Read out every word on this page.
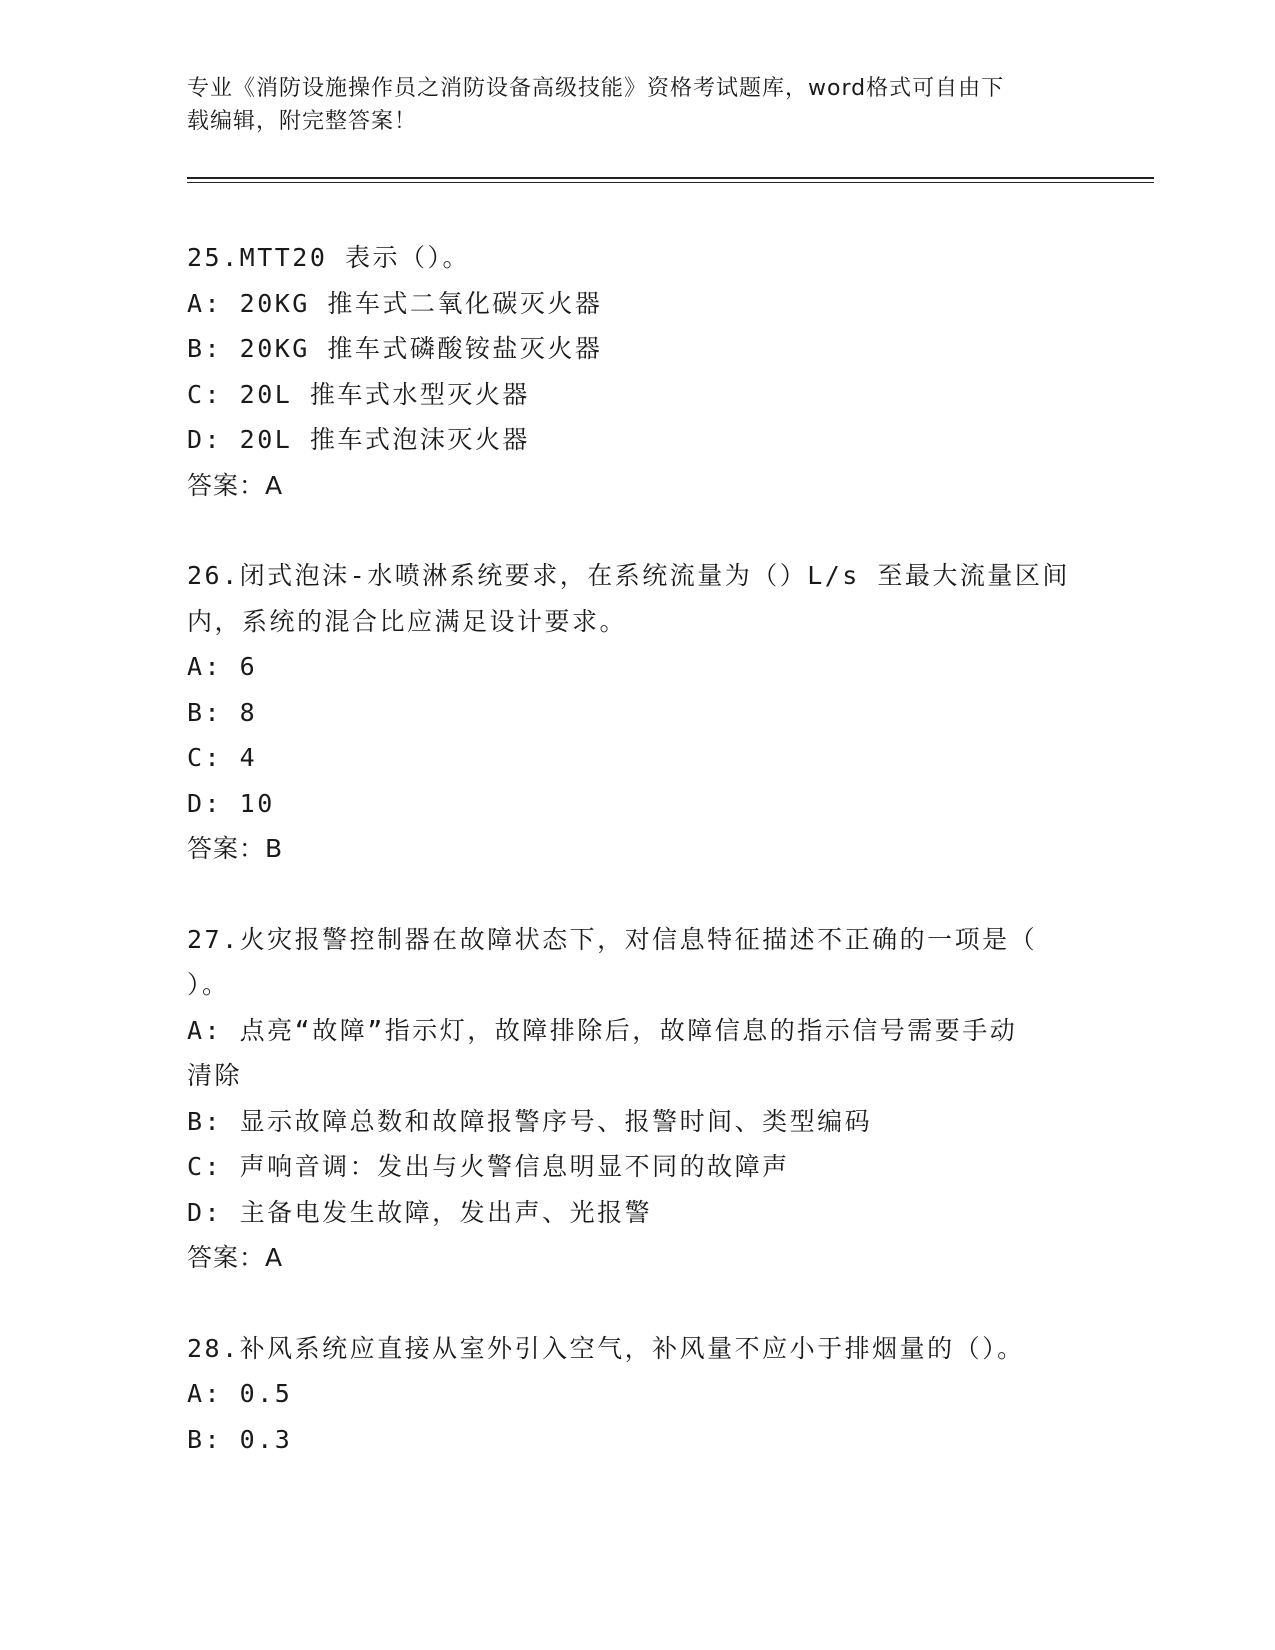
专业《消防设施操作员之消防设备高级技能》资格考试题库，word格式可自由下
载编辑，附完整答案！
25.MTT20 表示（）。
A: 20KG 推车式二氧化碳灭火器
B: 20KG 推车式磷酸铵盐灭火器
C: 20L 推车式水型灭火器
D: 20L 推车式泡沫灭火器
答案：A
26.闭式泡沫-水喷淋系统要求，在系统流量为（）L/s 至最大流量区间
内，系统的混合比应满足设计要求。
A: 6
B: 8
C: 4
D: 10
答案：B
27.火灾报警控制器在故障状态下，对信息特征描述不正确的一项是（
）。
A: 点亮“故障”指示灯，故障排除后，故障信息的指示信号需要手动
清除
B: 显示故障总数和故障报警序号、报警时间、类型编码
C: 声响音调：发出与火警信息明显不同的故障声
D: 主备电发生故障，发出声、光报警
答案：A
28.补风系统应直接从室外引入空气，补风量不应小于排烟量的（）。
A: 0.5
B: 0.3
